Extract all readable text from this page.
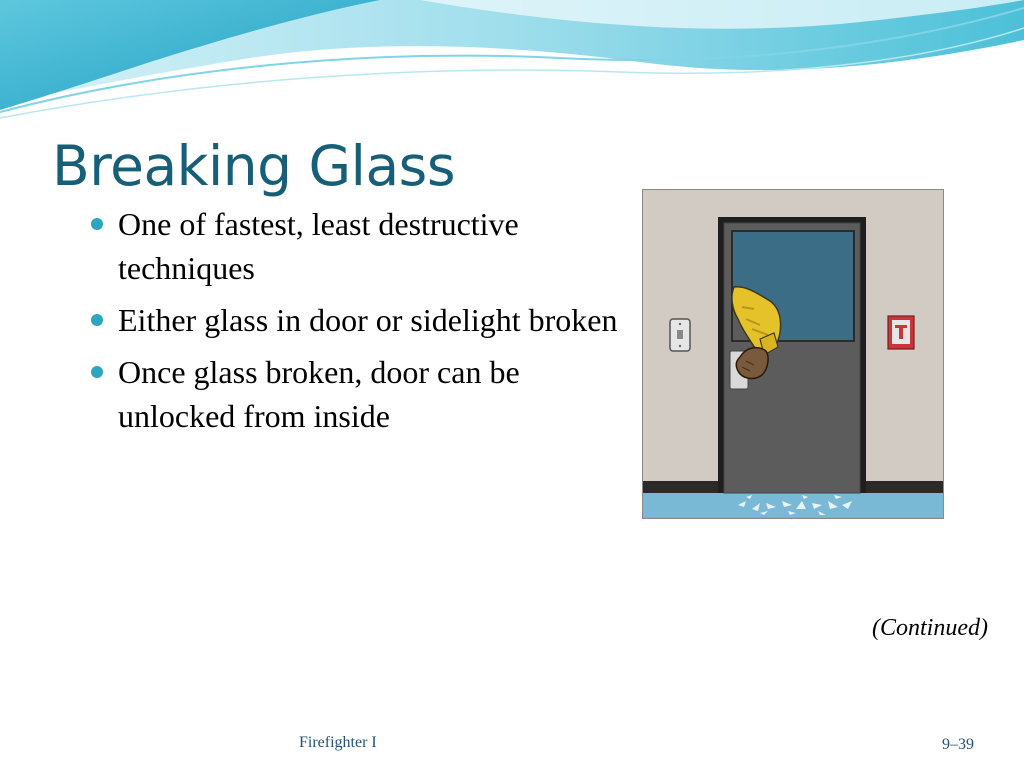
Breaking Glass
One of fastest, least destructive techniques
Either glass in door or sidelight broken
Once glass broken, door can be unlocked from inside

(Continued)

Firefighter I	9–39
